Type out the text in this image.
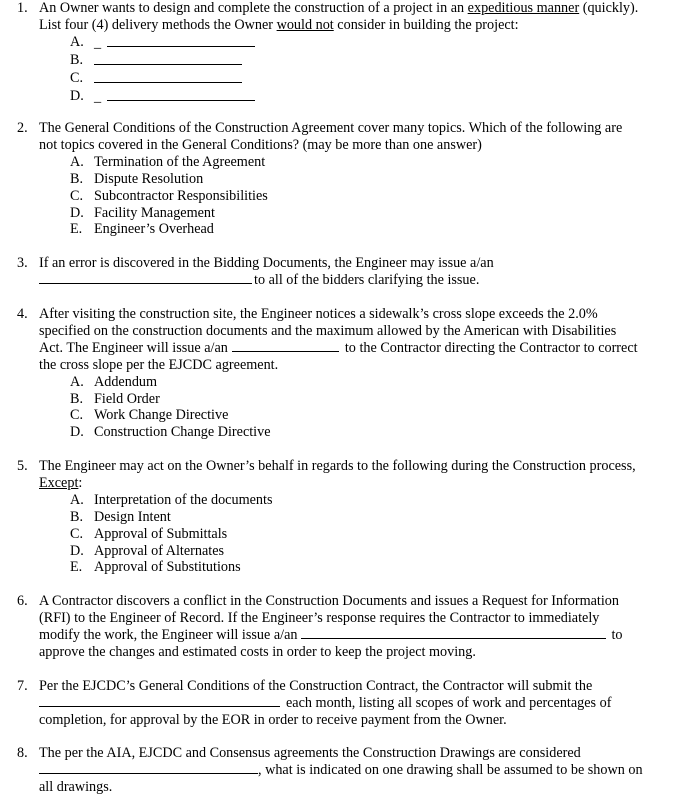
1. An Owner wants to design and complete the construction of a project in an expeditious manner (quickly).
List four (4) delivery methods the Owner would not consider in building the project:
A. _
B.
C.
D. _
2. The General Conditions of the Construction Agreement cover many topics. Which of the following are
not topics covered in the General Conditions? (may be more than one answer)
A. Termination of the Agreement
B. Dispute Resolution
C. Subcontractor Responsibilities
D. Facility Management
E. Engineer’s Overhead
3. If an error is discovered in the Bidding Documents, the Engineer may issue a/an
to all of the bidders clarifying the issue.
4. After visiting the construction site, the Engineer notices a sidewalk’s cross slope exceeds the 2.0%
specified on the construction documents and the maximum allowed by the American with Disabilities
Act. The Engineer will issue a/an	to the Contractor directing the Contractor to correct
the cross slope per the EJCDC agreement.
A. Addendum
B. Field Order
C. Work Change Directive
D. Construction Change Directive
5. The Engineer may act on the Owner’s behalf in regards to the following during the Construction process,
Except:
A. Interpretation of the documents
B. Design Intent
C. Approval of Submittals
D. Approval of Alternates
E. Approval of Substitutions
6. A Contractor discovers a conflict in the Construction Documents and issues a Request for Information
(RFI) to the Engineer of Record. If the Engineer’s response requires the Contractor to immediately
modify the work, the Engineer will issue a/an	to
approve the changes and estimated costs in order to keep the project moving.
7. Per the EJCDC’s General Conditions of the Construction Contract, the Contractor will submit the
each month, listing all scopes of work and percentages of
completion, for approval by the EOR in order to receive payment from the Owner.
8. The per the AIA, EJCDC and Consensus agreements the Construction Drawings are considered
, what is indicated on one drawing shall be assumed to be shown on
all drawings.
